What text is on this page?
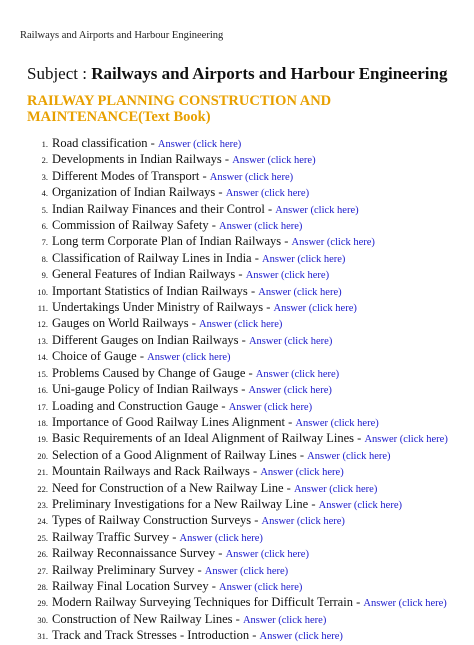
Railways and Airports and Harbour Engineering
Subject : Railways and Airports and Harbour Engineering
RAILWAY PLANNING CONSTRUCTION AND MAINTENANCE(Text Book)
1. Road classification - Answer (click here)
2. Developments in Indian Railways - Answer (click here)
3. Different Modes of Transport - Answer (click here)
4. Organization of Indian Railways - Answer (click here)
5. Indian Railway Finances and their Control - Answer (click here)
6. Commission of Railway Safety - Answer (click here)
7. Long term Corporate Plan of Indian Railways - Answer (click here)
8. Classification of Railway Lines in India - Answer (click here)
9. General Features of Indian Railways - Answer (click here)
10. Important Statistics of Indian Railways - Answer (click here)
11. Undertakings Under Ministry of Railways - Answer (click here)
12. Gauges on World Railways - Answer (click here)
13. Different Gauges on Indian Railways - Answer (click here)
14. Choice of Gauge - Answer (click here)
15. Problems Caused by Change of Gauge - Answer (click here)
16. Uni-gauge Policy of Indian Railways - Answer (click here)
17. Loading and Construction Gauge - Answer (click here)
18. Importance of Good Railway Lines Alignment - Answer (click here)
19. Basic Requirements of an Ideal Alignment of Railway Lines - Answer (click here)
20. Selection of a Good Alignment of Railway Lines - Answer (click here)
21. Mountain Railways and Rack Railways - Answer (click here)
22. Need for Construction of a New Railway Line - Answer (click here)
23. Preliminary Investigations for a New Railway Line - Answer (click here)
24. Types of Railway Construction Surveys - Answer (click here)
25. Railway Traffic Survey - Answer (click here)
26. Railway Reconnaissance Survey - Answer (click here)
27. Railway Preliminary Survey - Answer (click here)
28. Railway Final Location Survey - Answer (click here)
29. Modern Railway Surveying Techniques for Difficult Terrain - Answer (click here)
30. Construction of New Railway Lines - Answer (click here)
31. Track and Track Stresses - Introduction - Answer (click here)
